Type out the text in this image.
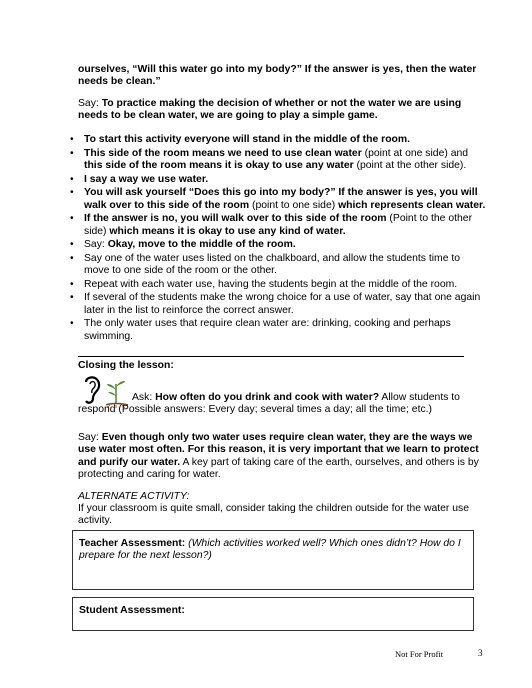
ourselves, “Will this water go into my body?” If the answer is yes, then the water needs be clean.”
Say: To practice making the decision of whether or not the water we are using needs to be clean water, we are going to play a simple game.
• To start this activity everyone will stand in the middle of the room.
• This side of the room means we need to use clean water (point at one side) and this side of the room means it is okay to use any water (point at the other side).
• I say a way we use water.
• You will ask yourself “Does this go into my body?” If the answer is yes, you will walk over to this side of the room (point to one side) which represents clean water.
• If the answer is no, you will walk over to this side of the room (Point to the other side) which means it is okay to use any kind of water.
• Say: Okay, move to the middle of the room.
• Say one of the water uses listed on the chalkboard, and allow the students time to move to one side of the room or the other.
• Repeat with each water use, having the students begin at the middle of the room.
• If several of the students make the wrong choice for a use of water, say that one again later in the list to reinforce the correct answer.
• The only water uses that require clean water are: drinking, cooking and perhaps swimming.
Closing the lesson:
Ask: How often do you drink and cook with water? Allow students to respond (Possible answers: Every day; several times a day; all the time; etc.)
Say: Even though only two water uses require clean water, they are the ways we use water most often. For this reason, it is very important that we learn to protect and purify our water. A key part of taking care of the earth, ourselves, and others is by protecting and caring for water.
ALTERNATE ACTIVITY:
If your classroom is quite small, consider taking the children outside for the water use activity.
Teacher Assessment: (Which activities worked well? Which ones didn’t? How do I prepare for the next lesson?)
Student Assessment:
Not For Profit	3
